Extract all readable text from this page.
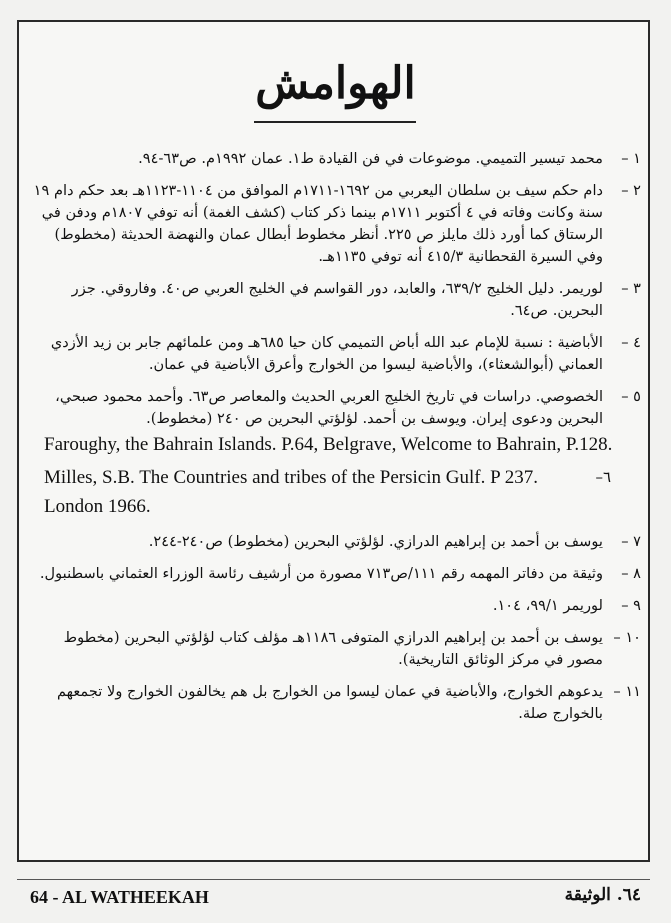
الهوامش
١ –
محمد تيسير التميمي. موضوعات في فن القيادة ط١. عمان ١٩٩٢م. ص٦٣-٩٤.
٢ –
دام حكم سيف بن سلطان اليعربي من ١٦٩٢-١٧١١م الموافق من ١١٠٤-١١٢٣هـ بعد حكم دام ١٩ سنة وكانت وفاته في ٤ أكتوبر ١٧١١م بينما ذكر كتاب (كشف الغمة) أنه توفي ١٨٠٧م ودفن في الرستاق كما أورد ذلك مايلز ص ٢٢٥. أنظر مخطوط أبطال عمان والنهضة الحديثة (مخطوط) وفي السيرة القحطانية ٤١٥/٣ أنه توفي ١١٣٥هـ.
٣ –
لوريمر. دليل الخليج ٦٣٩/٢، والعابد، دور القواسم في الخليج العربي ص٤٠. وفاروقي. جزر البحرين. ص٦٤.
٤ –
الأباضية : نسبة للإمام عبد الله أباض التميمي كان حيا ٦٨٥هـ ومن علمائهم جابر بن زيد الأزدي العماني (أبوالشعثاء)، والأباضية ليسوا من الخوارج وأعرق الأباضية في عمان.
٥ –
الخصوصي. دراسات في تاريخ الخليج العربي الحديث والمعاصر ص٦٣. وأحمد محمود صبحي، البحرين ودعوى إيران. ويوسف بن أحمد. لؤلؤتي البحرين ص ٢٤٠ (مخطوط).
Faroughy, the Bahrain Islands. P.64, Belgrave, Welcome to Bahrain, P.128.
Milles, S.B. The Countries and tribes of the Persicin Gulf. P 237. London 1966.
–٦
٧ –
يوسف بن أحمد بن إبراهيم الدرازي. لؤلؤتي البحرين (مخطوط) ص٢٤٠-٢٤٤.
٨ –
وثيقة من دفاتر المهمه رقم ١١١/ص٧١٣ مصورة من أرشيف رئاسة الوزراء العثماني باسطنبول.
٩ –
لوريمر ٩٩/١، ١٠٤.
١٠ –
يوسف بن أحمد بن إبراهيم الدرازي المتوفى ١١٨٦هـ مؤلف كتاب لؤلؤتي البحرين (مخطوط مصور في مركز الوثائق التاريخية).
١١ –
يدعوهم الخوارج، والأباضية في عمان ليسوا من الخوارج بل هم يخالفون الخوارج ولا تجمعهم بالخوارج صلة.
64 - AL WATHEEKAH	٦٤. الوثيقة
